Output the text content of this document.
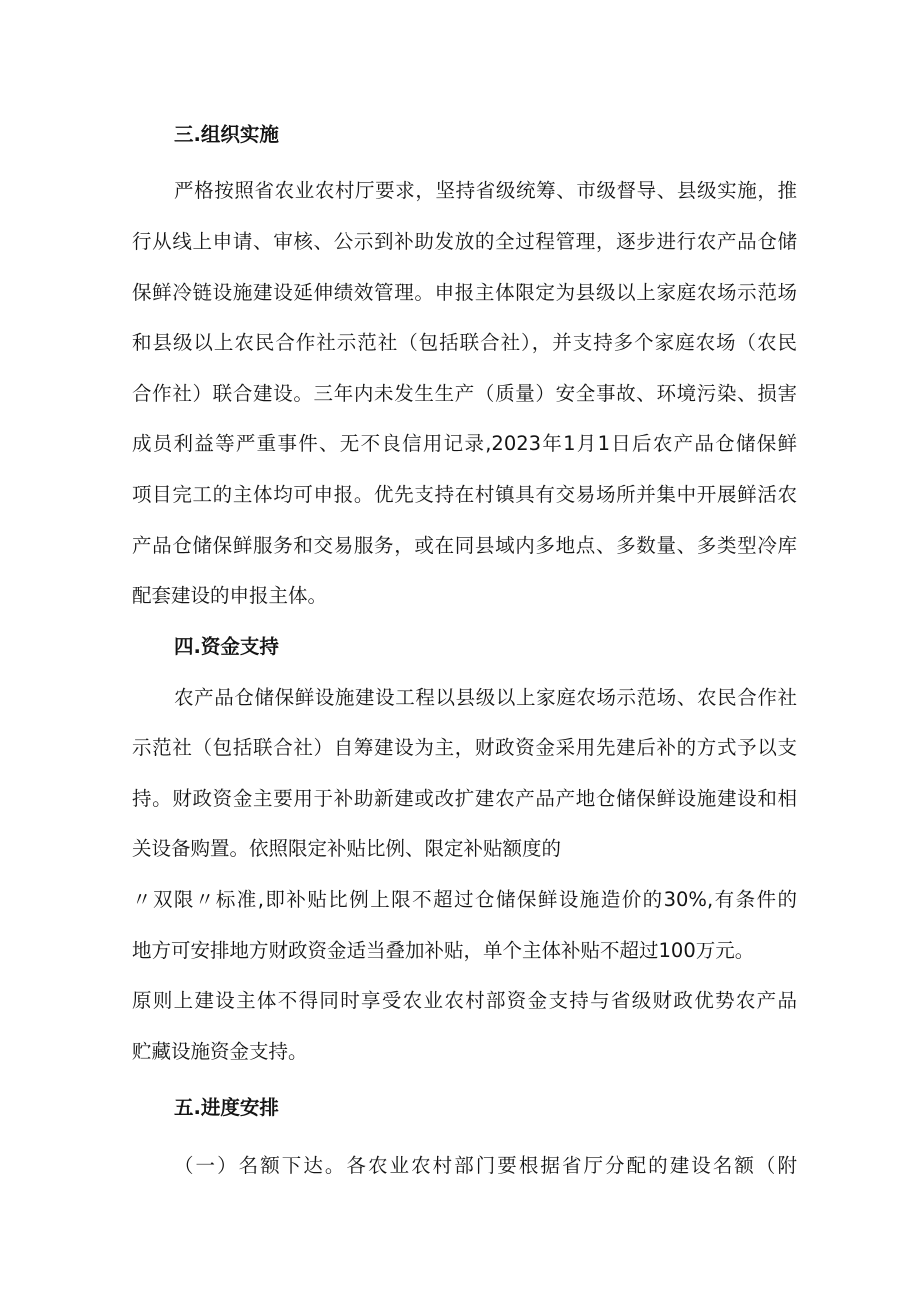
三.组织实施
严格按照省农业农村厅要求，坚持省级统筹、市级督导、县级实施，推
行从线上申请、审核、公示到补助发放的全过程管理，逐步进行农产品仓储
保鲜冷链设施建设延伸绩效管理。申报主体限定为县级以上家庭农场示范场
和县级以上农民合作社示范社（包括联合社），并支持多个家庭农场（农民
合作社）联合建设。三年内未发生生产（质量）安全事故、环境污染、损害
成员利益等严重事件、无不良信用记录,2023年1月1日后农产品仓储保鲜
项目完工的主体均可申报。优先支持在村镇具有交易场所并集中开展鲜活农
产品仓储保鲜服务和交易服务，或在同县域内多地点、多数量、多类型冷库
配套建设的申报主体。
四.资金支持
农产品仓储保鲜设施建设工程以县级以上家庭农场示范场、农民合作社
示范社（包括联合社）自筹建设为主，财政资金采用先建后补的方式予以支
持。财政资金主要用于补助新建或改扩建农产品产地仓储保鲜设施建设和相
关设备购置。依照限定补贴比例、限定补贴额度的
〃双限〃标准,即补贴比例上限不超过仓储保鲜设施造价的30%,有条件的
地方可安排地方财政资金适当叠加补贴，单个主体补贴不超过100万元。
原则上建设主体不得同时享受农业农村部资金支持与省级财政优势农产品
贮藏设施资金支持。
五.进度安排
（一）名额下达。各农业农村部门要根据省厅分配的建设名额（附
